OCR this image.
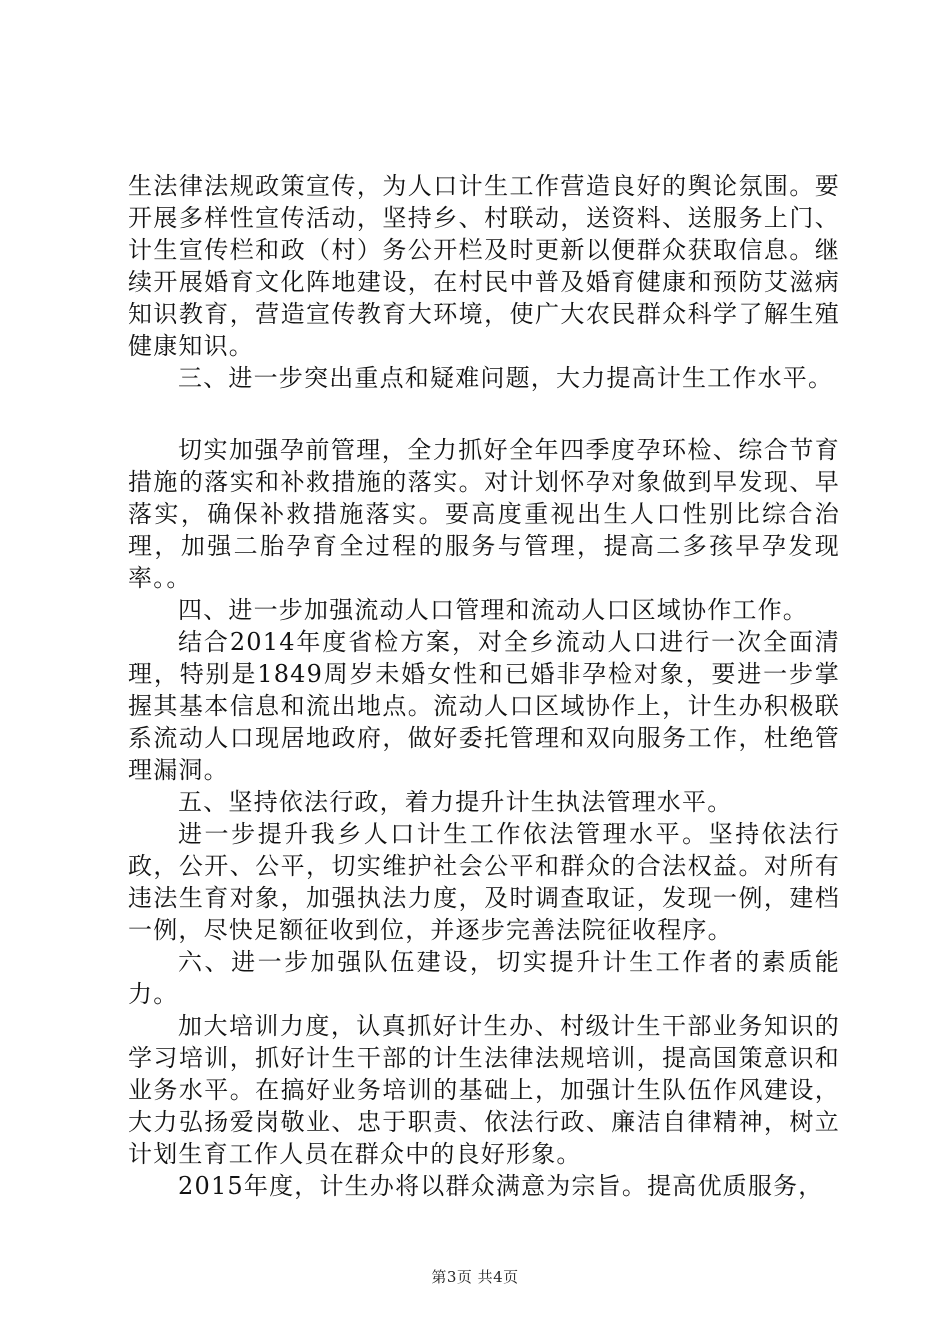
生法律法规政策宣传，为人口计生工作营造良好的舆论氛围。要开展多样性宣传活动，坚持乡、村联动，送资料、送服务上门、计生宣传栏和政（村）务公开栏及时更新以便群众获取信息。继续开展婚育文化阵地建设，在村民中普及婚育健康和预防艾滋病知识教育，营造宣传教育大环境，使广大农民群众科学了解生殖健康知识。

三、进一步突出重点和疑难问题，大力提高计生工作水平。

切实加强孕前管理，全力抓好全年四季度孕环检、综合节育措施的落实和补救措施的落实。对计划怀孕对象做到早发现、早落实，确保补救措施落实。要高度重视出生人口性别比综合治理，加强二胎孕育全过程的服务与管理，提高二多孩早孕发现率。。

四、进一步加强流动人口管理和流动人口区域协作工作。

结合2014年度省检方案，对全乡流动人口进行一次全面清理，特别是1849周岁未婚女性和已婚非孕检对象，要进一步掌握其基本信息和流出地点。流动人口区域协作上，计生办积极联系流动人口现居地政府，做好委托管理和双向服务工作，杜绝管理漏洞。

五、坚持依法行政，着力提升计生执法管理水平。

进一步提升我乡人口计生工作依法管理水平。坚持依法行政，公开、公平，切实维护社会公平和群众的合法权益。对所有违法生育对象，加强执法力度，及时调查取证，发现一例，建档一例，尽快足额征收到位，并逐步完善法院征收程序。

六、进一步加强队伍建设，切实提升计生工作者的素质能力。

加大培训力度，认真抓好计生办、村级计生干部业务知识的学习培训，抓好计生干部的计生法律法规培训，提高国策意识和业务水平。在搞好业务培训的基础上，加强计生队伍作风建设，大力弘扬爱岗敬业、忠于职责、依法行政、廉洁自律精神，树立计划生育工作人员在群众中的良好形象。

2015年度，计生办将以群众满意为宗旨。提高优质服务，

第3页 共4页
